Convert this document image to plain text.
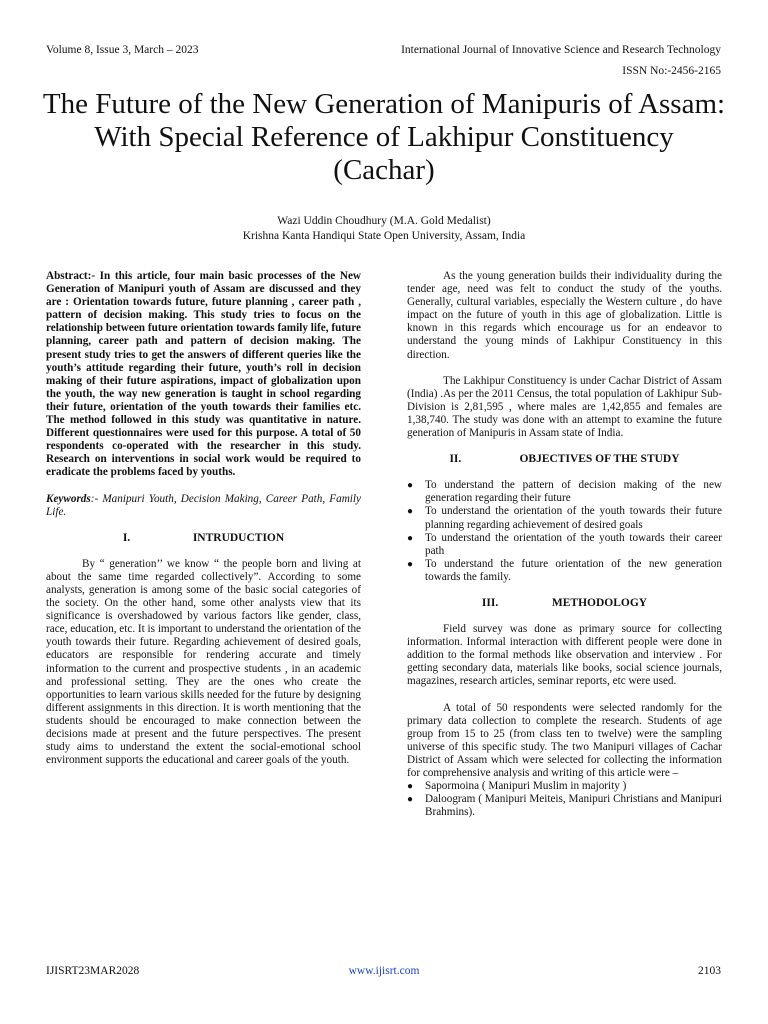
Volume 8, Issue 3, March – 2023	International Journal of Innovative Science and Research Technology
ISSN No:-2456-2165
The Future of the New Generation of Manipuris of Assam: With Special Reference of Lakhipur Constituency (Cachar)
Wazi Uddin Choudhury (M.A. Gold Medalist)
Krishna Kanta Handiqui State Open University, Assam, India

Abstract:- In this article, four main basic processes of the New Generation of Manipuri youth of Assam are discussed and they are : Orientation towards future, future planning , career path , pattern of decision making. This study tries to focus on the relationship between future orientation towards family life, future planning, career path and pattern of decision making. The present study tries to get the answers of different queries like the youth’s attitude regarding their future, youth’s roll in decision making of their future aspirations, impact of globalization upon the youth, the way new generation is taught in school regarding their future, orientation of the youth towards their families etc. The method followed in this study was quantitative in nature. Different questionnaires were used for this purpose. A total of 50 respondents co-operated with the researcher in this study. Research on interventions in social work would be required to eradicate the problems faced by youths.

Keywords:- Manipuri Youth, Decision Making, Career Path, Family Life.

I.	INTRUDUCTION

By “ generation’’ we know “ the people born and living at about the same time regarded collectively”. According to some analysts, generation is among some of the basic social categories of the society. On the other hand, some other analysts view that its significance is overshadowed by various factors like gender, class, race, education, etc. It is important to understand the orientation of the youth towards their future. Regarding achievement of desired goals, educators are responsible for rendering accurate and timely information to the current and prospective students , in an academic and professional setting. They are the ones who create the opportunities to learn various skills needed for the future by designing different assignments in this direction. It is worth mentioning that the students should be encouraged to make connection between the decisions made at present and the future perspectives. The present study aims to understand the extent the social-emotional school environment supports the educational and career goals of the youth.

As the young generation builds their individuality during the tender age, need was felt to conduct the study of the youths. Generally, cultural variables, especially the Western culture , do have impact on the future of youth in this age of globalization. Little is known in this regards which encourage us for an endeavor to understand the young minds of Lakhipur Constituency in this direction.

The Lakhipur Constituency is under Cachar District of Assam (India) .As per the 2011 Census, the total population of Lakhipur Sub-Division is 2,81,595 , where males are 1,42,855 and females are 1,38,740. The study was done with an attempt to examine the future generation of Manipuris in Assam state of India.

II.	OBJECTIVES OF THE STUDY
● To understand the pattern of decision making of the new generation regarding their future
● To understand the orientation of the youth towards their future planning regarding achievement of desired goals
● To understand the orientation of the youth towards their career path
● To understand the future orientation of the new generation towards the family.
III.	METHODOLOGY

Field survey was done as primary source for collecting information. Informal interaction with different people were done in addition to the formal methods like observation and interview . For getting secondary data, materials like books, social science journals, magazines, research articles, seminar reports, etc were used.

A total of 50 respondents were selected randomly for the primary data collection to complete the research. Students of age group from 15 to 25 (from class ten to twelve) were the sampling universe of this specific study. The two Manipuri villages of Cachar District of Assam which were selected for collecting the information for comprehensive analysis and writing of this article were –

● Sapormoina ( Manipuri Muslim in majority )
● Daloogram ( Manipuri Meiteis, Manipuri Christians and Manipuri Brahmins).
IJISRT23MAR2028	www.ijisrt.com	2103
